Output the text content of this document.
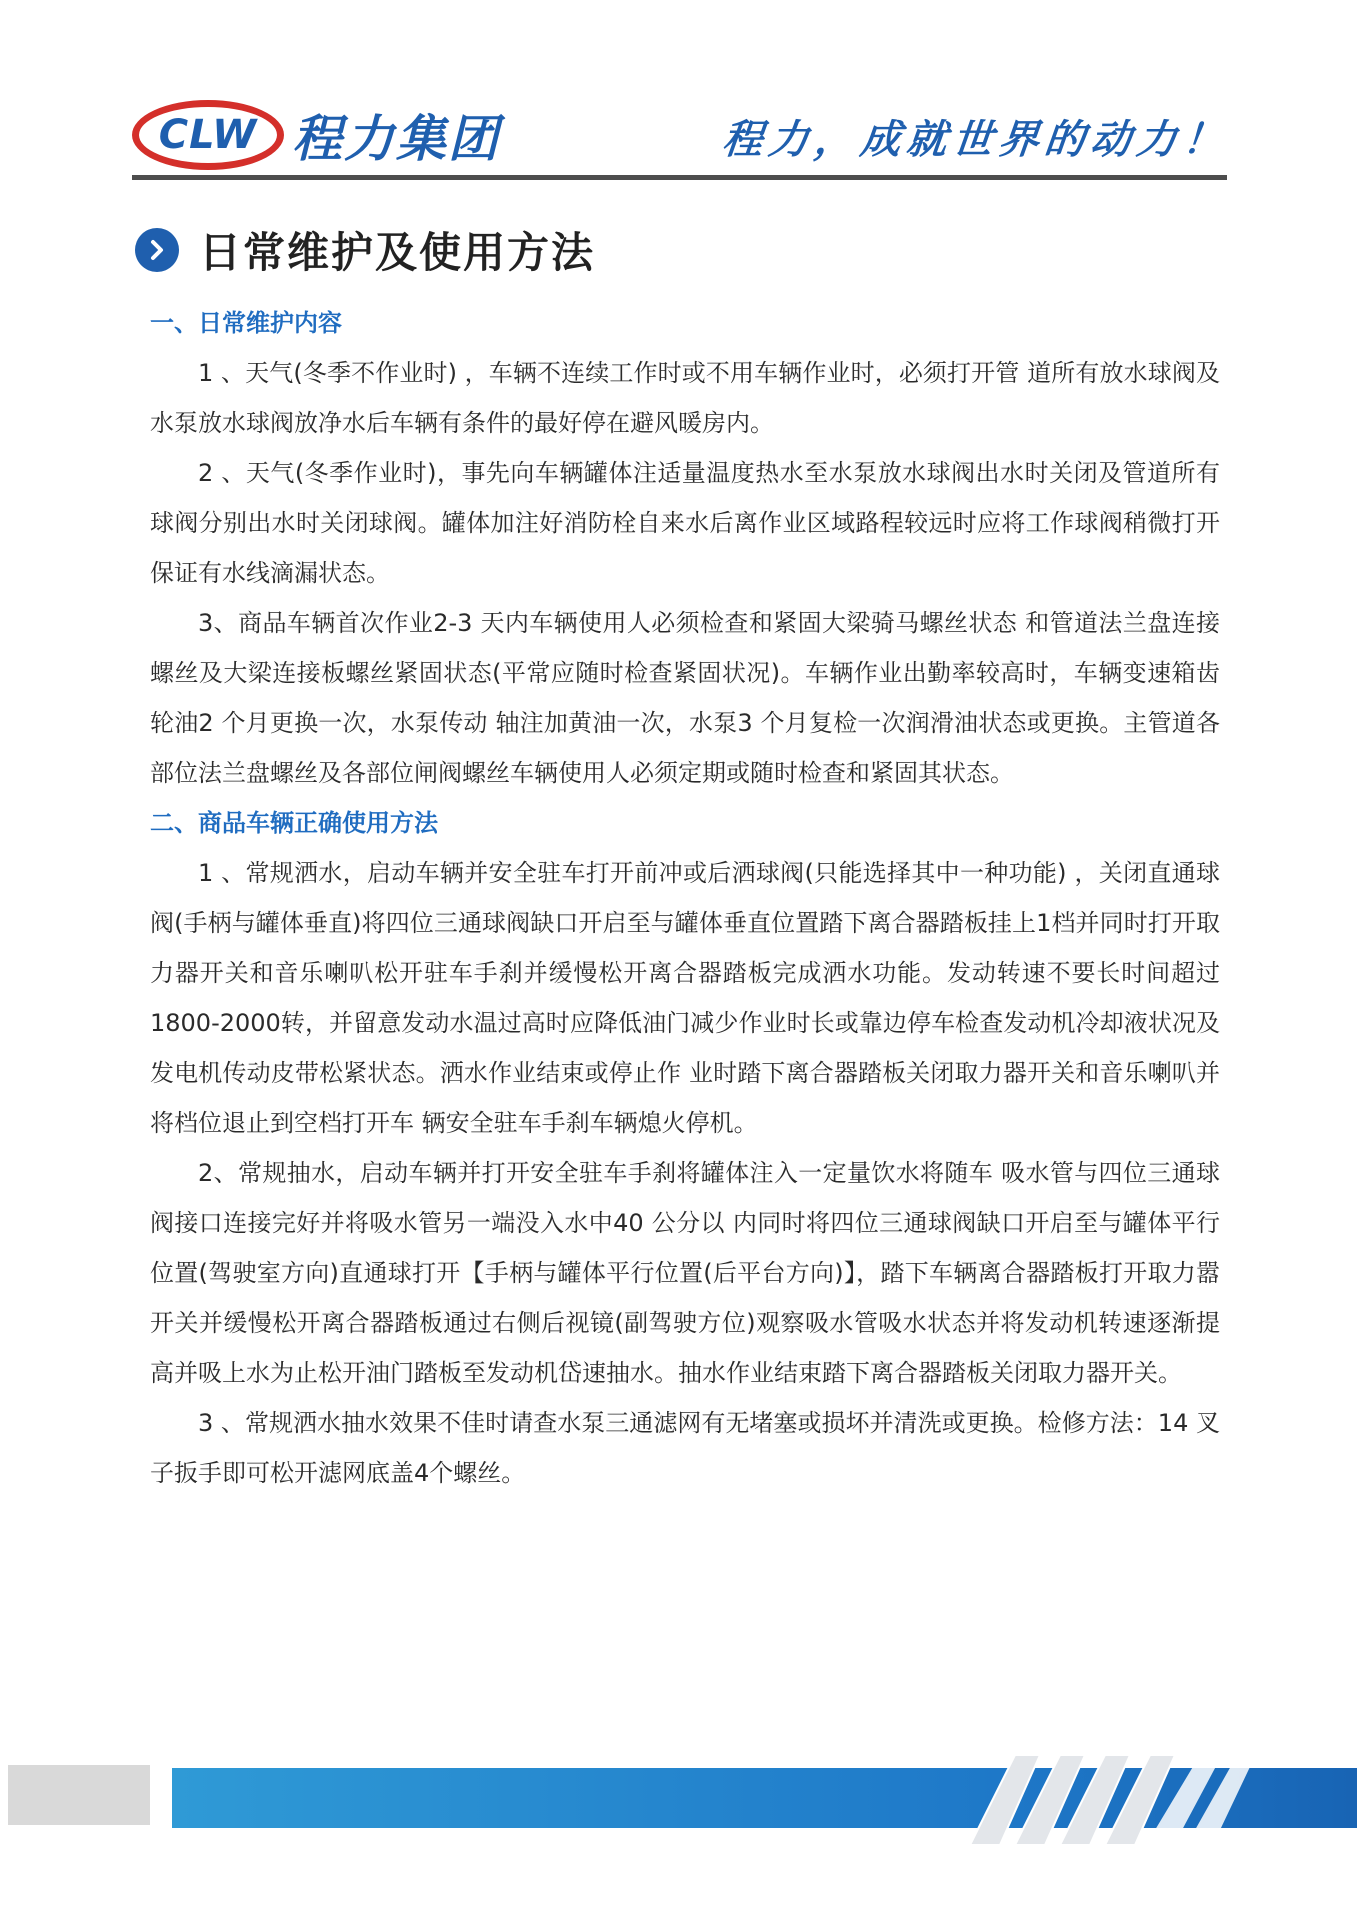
CLW 程力集团	程力，成就世界的动力！
日常维护及使用方法
一、日常维护内容

1 、天气(冬季不作业时) ，车辆不连续工作时或不用车辆作业时，必须打开管 道所有放水球阀及水泵放水球阀放净水后车辆有条件的最好停在避风暖房内。

2 、天气(冬季作业时)，事先向车辆罐体注适量温度热水至水泵放水球阀出水时关闭及管道所有球阀分别出水时关闭球阀。罐体加注好消防栓自来水后离作业区域路程较远时应将工作球阀稍微打开保证有水线滴漏状态。

3、商品车辆首次作业2-3 天内车辆使用人必须检查和紧固大梁骑马螺丝状态 和管道法兰盘连接螺丝及大梁连接板螺丝紧固状态(平常应随时检查紧固状况)。车辆作业出勤率较高时，车辆变速箱齿轮油2 个月更换一次，水泵传动 轴注加黄油一次，水泵3 个月复检一次润滑油状态或更换。主管道各部位法兰盘螺丝及各部位闸阀螺丝车辆使用人必须定期或随时检查和紧固其状态。

二、商品车辆正确使用方法

1 、常规洒水，启动车辆并安全驻车打开前冲或后洒球阀(只能选择其中一种功能) ，关闭直通球阀(手柄与罐体垂直)将四位三通球阀缺口开启至与罐体垂直位置踏下离合器踏板挂上1档并同时打开取力器开关和音乐喇叭松开驻车手刹并缓慢松开离合器踏板完成洒水功能。发动转速不要长时间超过1800-2000转，并留意发动水温过高时应降低油门减少作业时长或靠边停车检查发动机冷却液状况及发电机传动皮带松紧状态。洒水作业结束或停止作 业时踏下离合器踏板关闭取力器开关和音乐喇叭并将档位退止到空档打开车 辆安全驻车手刹车辆熄火停机。

2、常规抽水，启动车辆并打开安全驻车手刹将罐体注入一定量饮水将随车 吸水管与四位三通球阀接口连接完好并将吸水管另一端没入水中40 公分以 内同时将四位三通球阀缺口开启至与罐体平行位置(驾驶室方向)直通球打开【手柄与罐体平行位置(后平台方向)】，踏下车辆离合器踏板打开取力嚣开关并缓慢松开离合器踏板通过右侧后视镜(副驾驶方位)观察吸水管吸水状态并将发动机转速逐渐提高并吸上水为止松开油门踏板至发动机岱速抽水。抽水作业结束踏下离合器踏板关闭取力器开关。

3 、常规洒水抽水效果不佳时请查水泵三通滤网有无堵塞或损坏并清洗或更换。检修方法：14 叉子扳手即可松开滤网底盖4个螺丝。
